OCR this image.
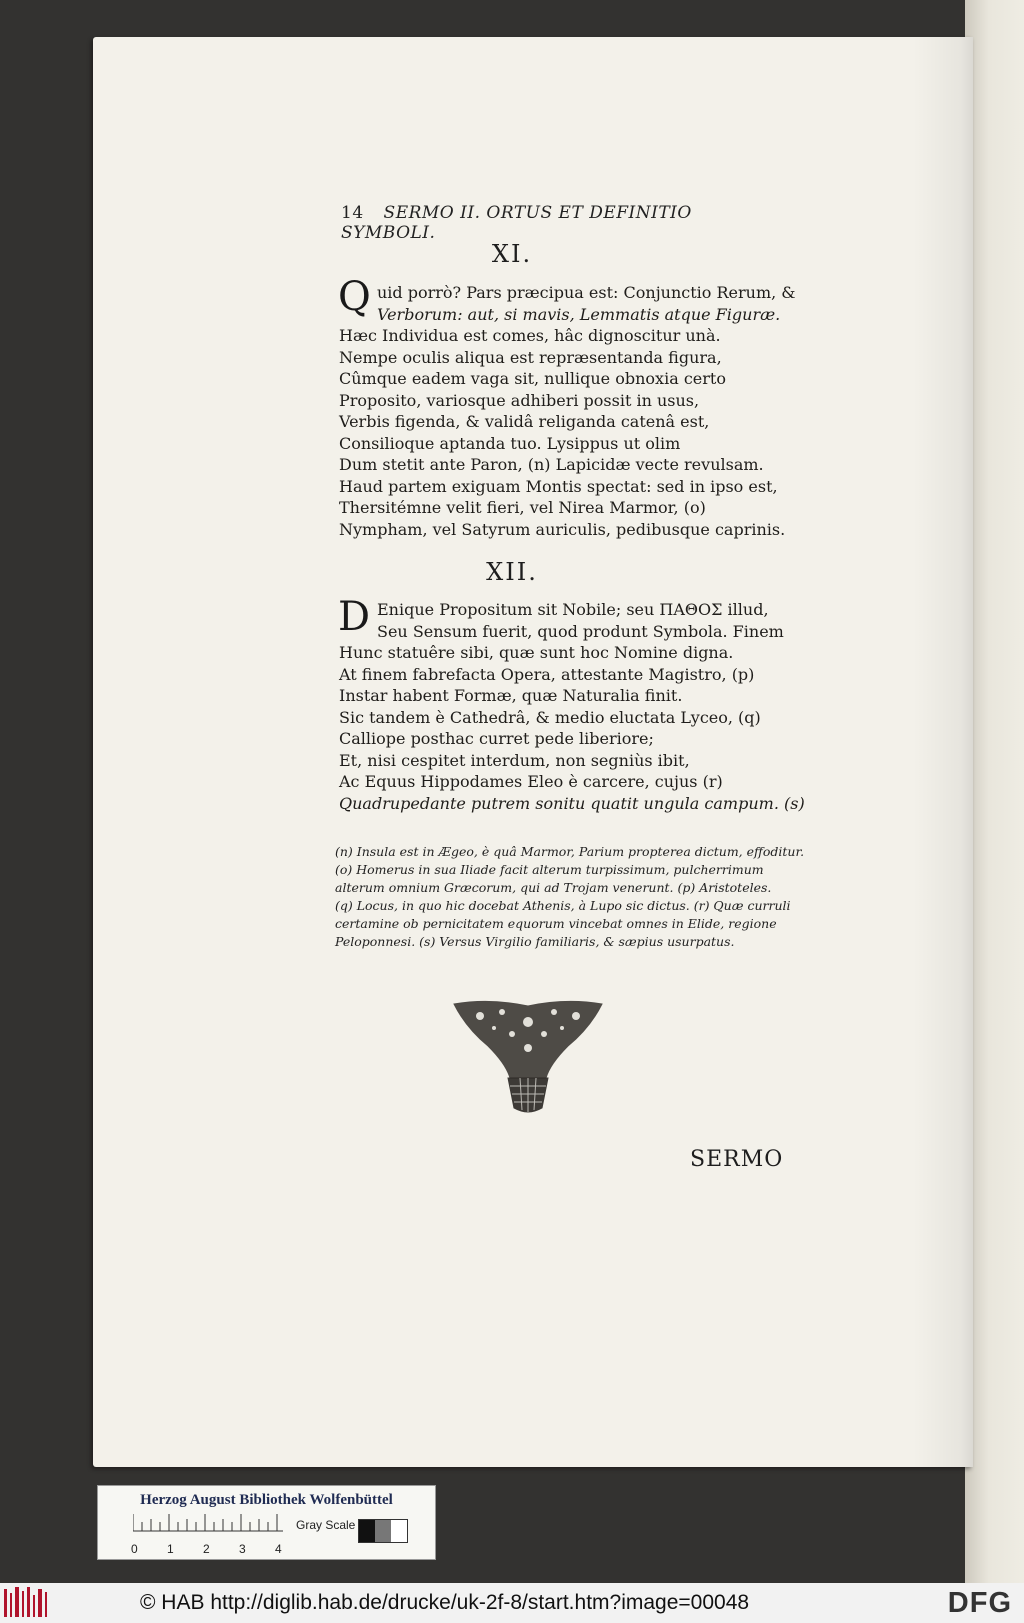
14 SERMO II. ORTUS ET DEFINITIO SYMBOLI.
XI.
Q uid porrò? Pars præcipua est: Conjunctio Rerum, &
Verborum: aut, si mavis, Lemmatis atque Figuræ.
Hæc Individua est comes, hâc dignoscitur unà.
Nempe oculis aliqua est repræsentanda figura,
Cûmque eadem vaga sit, nullique obnoxia certo
Proposito, variosque adhiberi possit in usus,
Verbis figenda, & validâ religanda catenâ est,
Consilioque aptanda tuo. Lysippus ut olim
Dum stetit ante Paron, (n) Lapicidæ vecte revulsam.
Haud partem exiguam Montis spectat: sed in ipso est,
Thersitémne velit fieri, vel Nirea Marmor, (o)
Nympham, vel Satyrum auriculis, pedibusque caprinis.
XII.
D Enique Propositum sit Nobile; seu ΠΑΘΟΣ illud,
Seu Sensum fuerit, quod produnt Symbola. Finem
Hunc statuêre sibi, quæ sunt hoc Nomine digna.
At finem fabrefacta Opera, attestante Magistro, (p)
Instar habent Formæ, quæ Naturalia finit.
Sic tandem è Cathedrâ, & medio eluctata Lyceo, (q)
Calliope posthac curret pede liberiore;
Et, nisi cespitet interdum, non segniùs ibit,
Ac Equus Hippodames Eleo è carcere, cujus (r)
Quadrupedante putrem sonitu quatit ungula campum. (s)
(n) Insula est in Ægeo, è quâ Marmor, Parium propterea dictum, effoditur.
(o) Homerus in sua Iliade facit alterum turpissimum, pulcherrimum
alterum omnium Græcorum, qui ad Trojam venerunt. (p) Aristoteles.
(q) Locus, in quo hic docebat Athenis, à Lupo sic dictus. (r) Quæ curruli
certamine ob pernicitatem equorum vincebat omnes in Elide, regione
Peloponnesi. (s) Versus Virgilio familiaris, & sæpius usurpatus.
SERMO
Herzog August Bibliothek Wolfenbüttel
0 1 2 3 4
Gray Scale
© HAB http://diglib.hab.de/drucke/uk-2f-8/start.htm?image=00048	DFG
